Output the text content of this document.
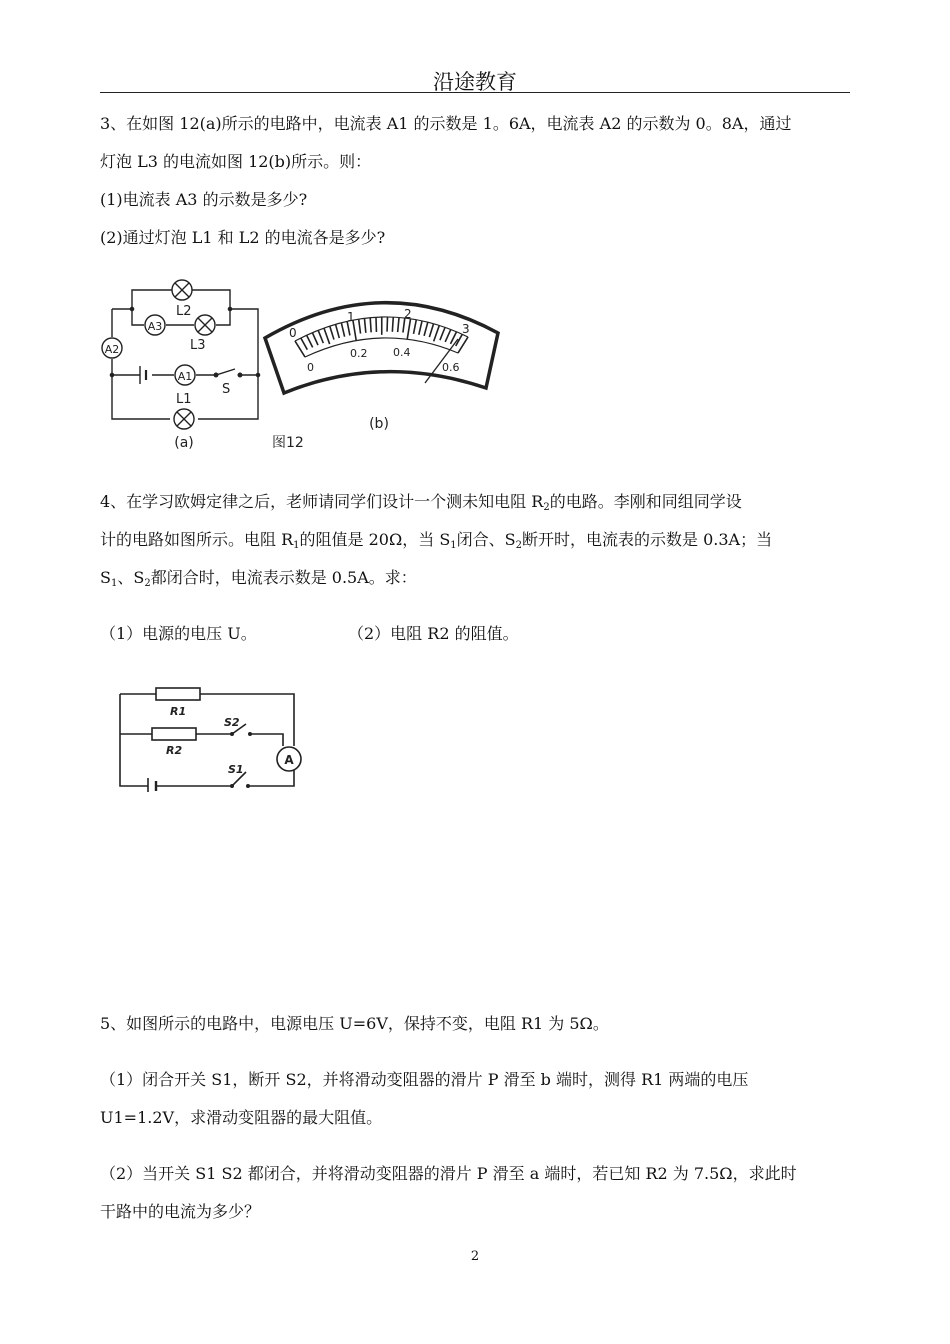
沿途教育
3、在如图 12(a)所示的电路中，电流表 A1 的示数是 1。6A，电流表 A2 的示数为 0。8A，通过
灯泡 L3 的电流如图 12(b)所示。则：
(1)电流表 A3 的示数是多少?
(2)通过灯泡 L1 和 L2 的电流各是多少?
A2
A3
A1
L2
L3
S
L1
(a)
0
1	2
3
0
0.2 0.4
0.6
(b)
图12
4、在学习欧姆定律之后，老师请同学们设计一个测未知电阻 $R_2$的电路。李刚和同组同学设
计的电路如图所示。电阻 $R_1$的阻值是 20Ω，当 $S_1$闭合、$S_2$断开时，电流表的示数是 0.3A；当
$S_1$、$S_2$都闭合时，电流表示数是 0.5A。求：
（1）电源的电压 U。	（2）电阻 R2 的阻值。
A
R1
R2
S2
S1
5、如图所示的电路中，电源电压 U=6V，保持不变，电阻 R1 为 5Ω。
（1）闭合开关 S1，断开 S2，并将滑动变阻器的滑片 P 滑至 b 端时，测得 R1 两端的电压
U1=1.2V，求滑动变阻器的最大阻值。
（2）当开关 S1 S2 都闭合，并将滑动变阻器的滑片 P 滑至 a 端时，若已知 R2 为 7.5Ω，求此时
干路中的电流为多少？
2
